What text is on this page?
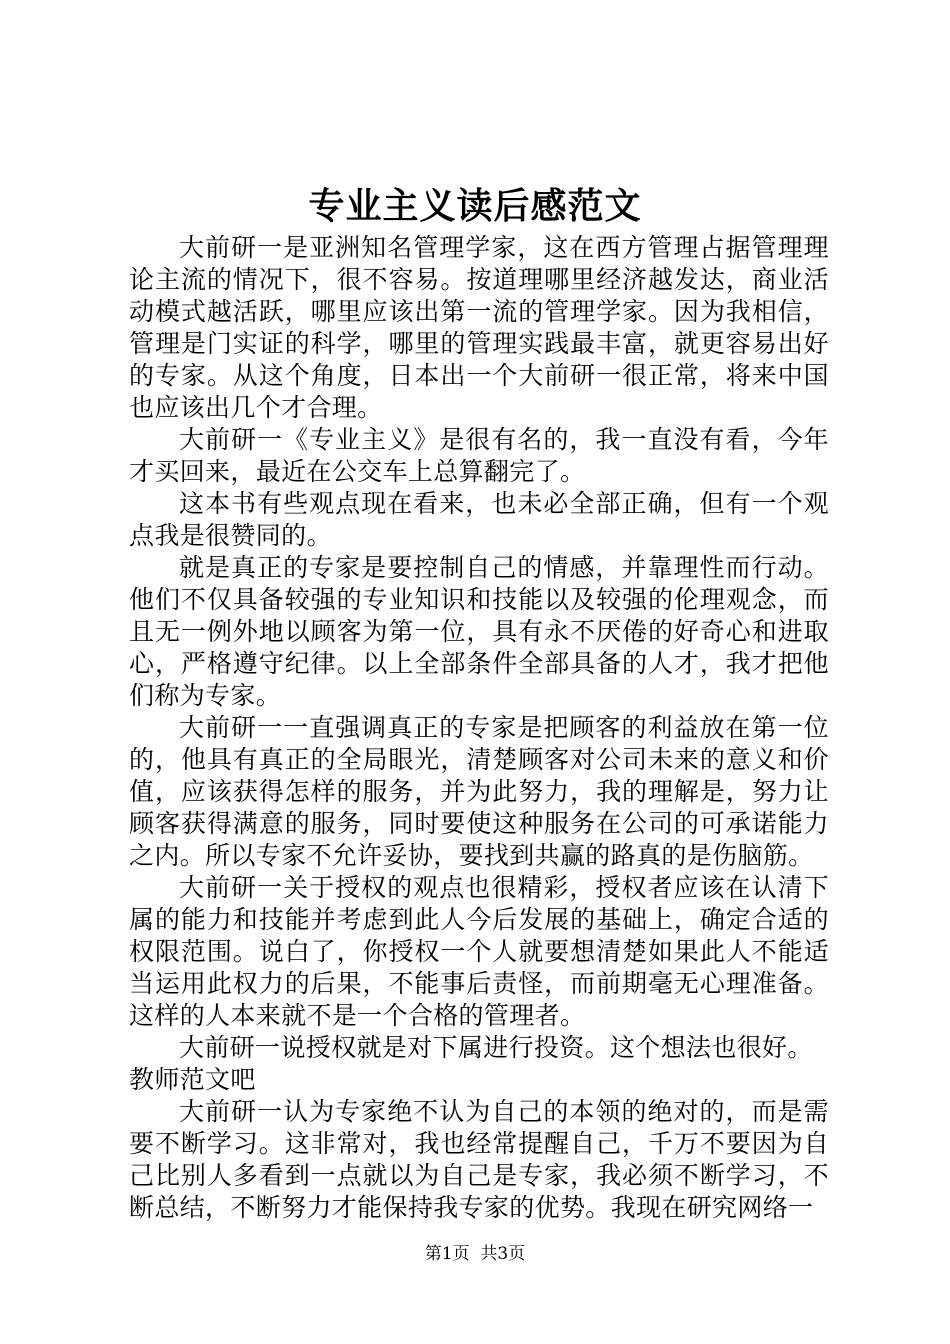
专业主义读后感范文

大前研一是亚洲知名管理学家，这在西方管理占据管理理论主流的情况下，很不容易。按道理哪里经济越发达，商业活动模式越活跃，哪里应该出第一流的管理学家。因为我相信，管理是门实证的科学，哪里的管理实践最丰富，就更容易出好的专家。从这个角度，日本出一个大前研一很正常，将来中国也应该出几个才合理。

大前研一《专业主义》是很有名的，我一直没有看，今年才买回来，最近在公交车上总算翻完了。

这本书有些观点现在看来，也未必全部正确，但有一个观点我是很赞同的。

就是真正的专家是要控制自己的情感，并靠理性而行动。他们不仅具备较强的专业知识和技能以及较强的伦理观念，而且无一例外地以顾客为第一位，具有永不厌倦的好奇心和进取心，严格遵守纪律。以上全部条件全部具备的人才，我才把他们称为专家。

大前研一一直强调真正的专家是把顾客的利益放在第一位的，他具有真正的全局眼光，清楚顾客对公司未来的意义和价值，应该获得怎样的服务，并为此努力，我的理解是，努力让顾客获得满意的服务，同时要使这种服务在公司的可承诺能力之内。所以专家不允许妥协，要找到共赢的路真的是伤脑筋。

大前研一关于授权的观点也很精彩，授权者应该在认清下属的能力和技能并考虑到此人今后发展的基础上，确定合适的权限范围。说白了，你授权一个人就要想清楚如果此人不能适当运用此权力的后果，不能事后责怪，而前期毫无心理准备。这样的人本来就不是一个合格的管理者。

大前研一说授权就是对下属进行投资。这个想法也很好。

教师范文吧

大前研一认为专家绝不认为自己的本领的绝对的，而是需要不断学习。这非常对，我也经常提醒自己，千万不要因为自己比别人多看到一点就以为自己是专家，我必须不断学习，不断总结，不断努力才能保持我专家的优势。我现在研究网络一

第1页 共3页
